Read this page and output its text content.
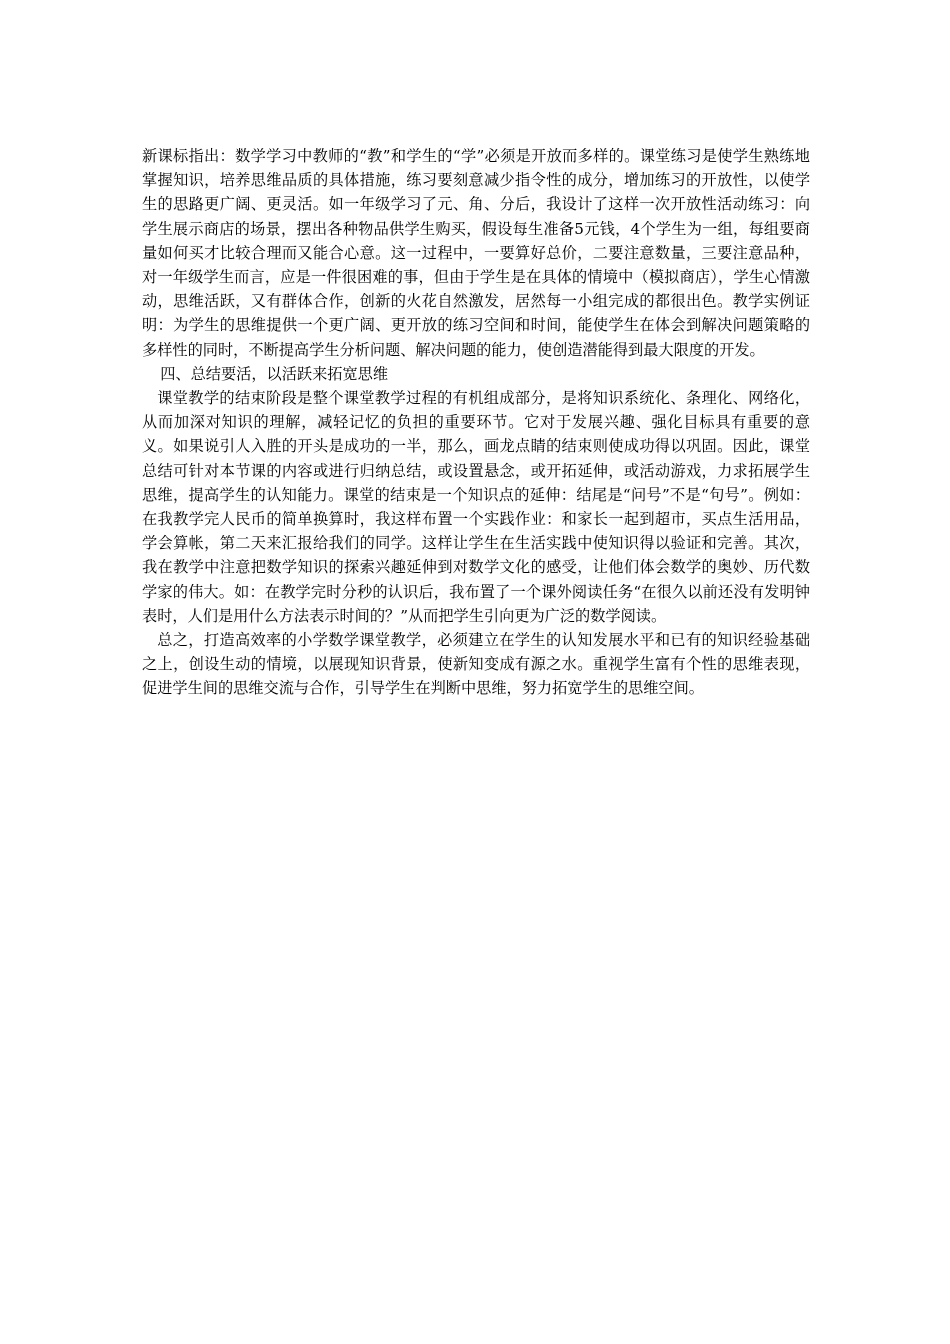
新课标指出：数学学习中教师的“教”和学生的“学”必须是开放而多样的。课堂练习是使学生熟练地掌握知识，培养思维品质的具体措施，练习要刻意减少指令性的成分，增加练习的开放性，以使学生的思路更广阔、更灵活。如一年级学习了元、角、分后，我设计了这样一次开放性活动练习：向学生展示商店的场景，摆出各种物品供学生购买，假设每生准备5元钱，4个学生为一组，每组要商量如何买才比较合理而又能合心意。这一过程中，一要算好总价，二要注意数量，三要注意品种，对一年级学生而言，应是一件很困难的事，但由于学生是在具体的情境中（模拟商店），学生心情激动，思维活跃，又有群体合作，创新的火花自然激发，居然每一小组完成的都很出色。教学实例证明：为学生的思维提供一个更广阔、更开放的练习空间和时间，能使学生在体会到解决问题策略的多样性的同时，不断提高学生分析问题、解决问题的能力，使创造潜能得到最大限度的开发。

四、总结要活，以活跃来拓宽思维

课堂教学的结束阶段是整个课堂教学过程的有机组成部分，是将知识系统化、条理化、网络化，从而加深对知识的理解，减轻记忆的负担的重要环节。它对于发展兴趣、强化目标具有重要的意义。如果说引人入胜的开头是成功的一半，那么，画龙点睛的结束则使成功得以巩固。因此，课堂总结可针对本节课的内容或进行归纳总结，或设置悬念，或开拓延伸，或活动游戏，力求拓展学生思维，提高学生的认知能力。课堂的结束是一个知识点的延伸：结尾是“问号”不是“句号”。例如：在我教学完人民币的简单换算时，我这样布置一个实践作业：和家长一起到超市，买点生活用品，学会算帐，第二天来汇报给我们的同学。这样让学生在生活实践中使知识得以验证和完善。其次，我在教学中注意把数学知识的探索兴趣延伸到对数学文化的感受，让他们体会数学的奥妙、历代数学家的伟大。如：在教学完时分秒的认识后，我布置了一个课外阅读任务“在很久以前还没有发明钟表时，人们是用什么方法表示时间的？”从而把学生引向更为广泛的数学阅读。

总之，打造高效率的小学数学课堂教学，必须建立在学生的认知发展水平和已有的知识经验基础之上，创设生动的情境，以展现知识背景，使新知变成有源之水。重视学生富有个性的思维表现，促进学生间的思维交流与合作，引导学生在判断中思维，努力拓宽学生的思维空间。
